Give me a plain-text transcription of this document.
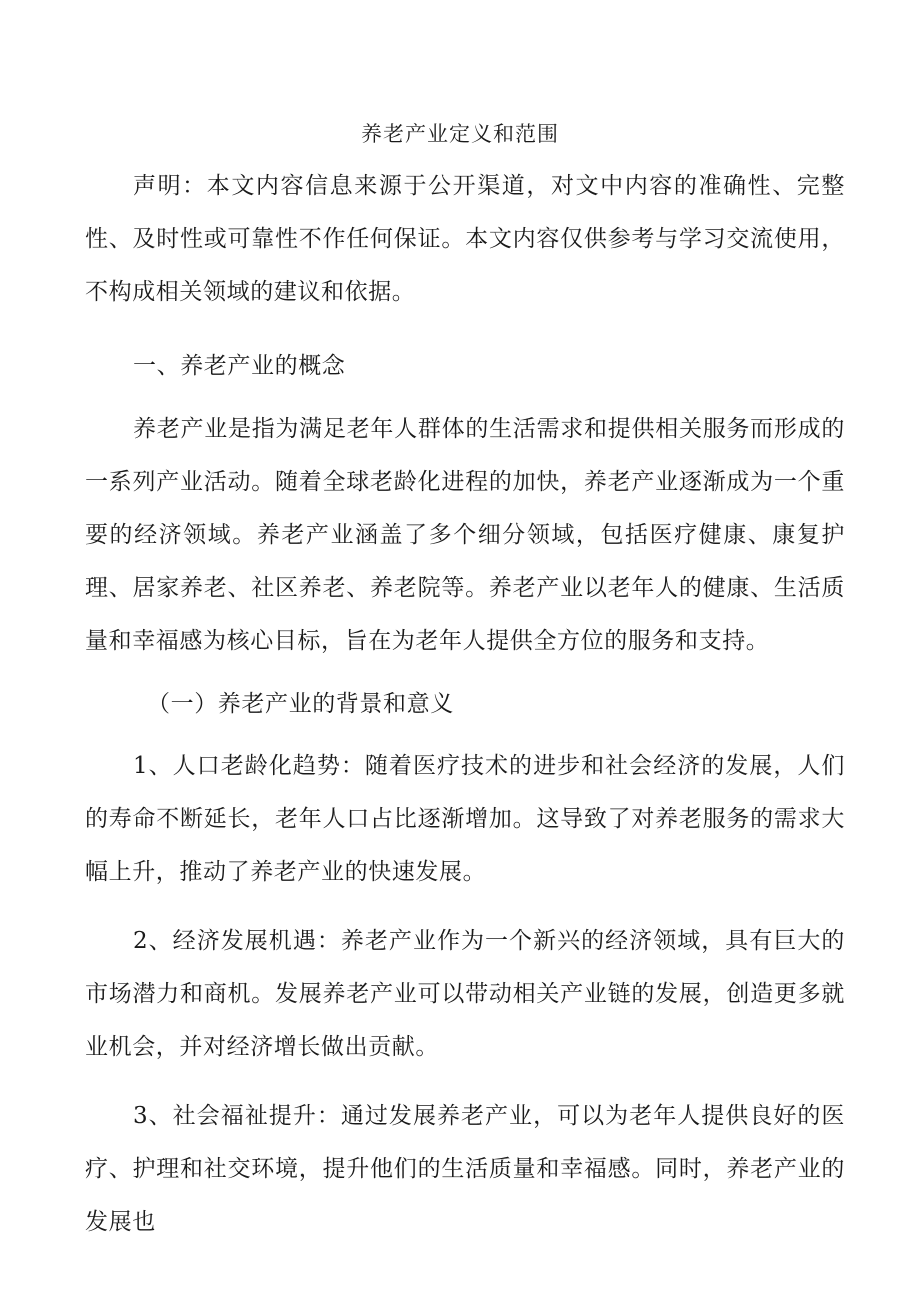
养老产业定义和范围

声明：本文内容信息来源于公开渠道，对文中内容的准确性、完整性、及时性或可靠性不作任何保证。本文内容仅供参考与学习交流使用，不构成相关领域的建议和依据。

一、养老产业的概念

养老产业是指为满足老年人群体的生活需求和提供相关服务而形成的一系列产业活动。随着全球老龄化进程的加快，养老产业逐渐成为一个重要的经济领域。养老产业涵盖了多个细分领域，包括医疗健康、康复护理、居家养老、社区养老、养老院等。养老产业以老年人的健康、生活质量和幸福感为核心目标，旨在为老年人提供全方位的服务和支持。

（一）养老产业的背景和意义

1、人口老龄化趋势：随着医疗技术的进步和社会经济的发展，人们的寿命不断延长，老年人口占比逐渐增加。这导致了对养老服务的需求大幅上升，推动了养老产业的快速发展。

2、经济发展机遇：养老产业作为一个新兴的经济领域，具有巨大的市场潜力和商机。发展养老产业可以带动相关产业链的发展，创造更多就业机会，并对经济增长做出贡献。

3、社会福祉提升：通过发展养老产业，可以为老年人提供良好的医疗、护理和社交环境，提升他们的生活质量和幸福感。同时，养老产业的发展也
